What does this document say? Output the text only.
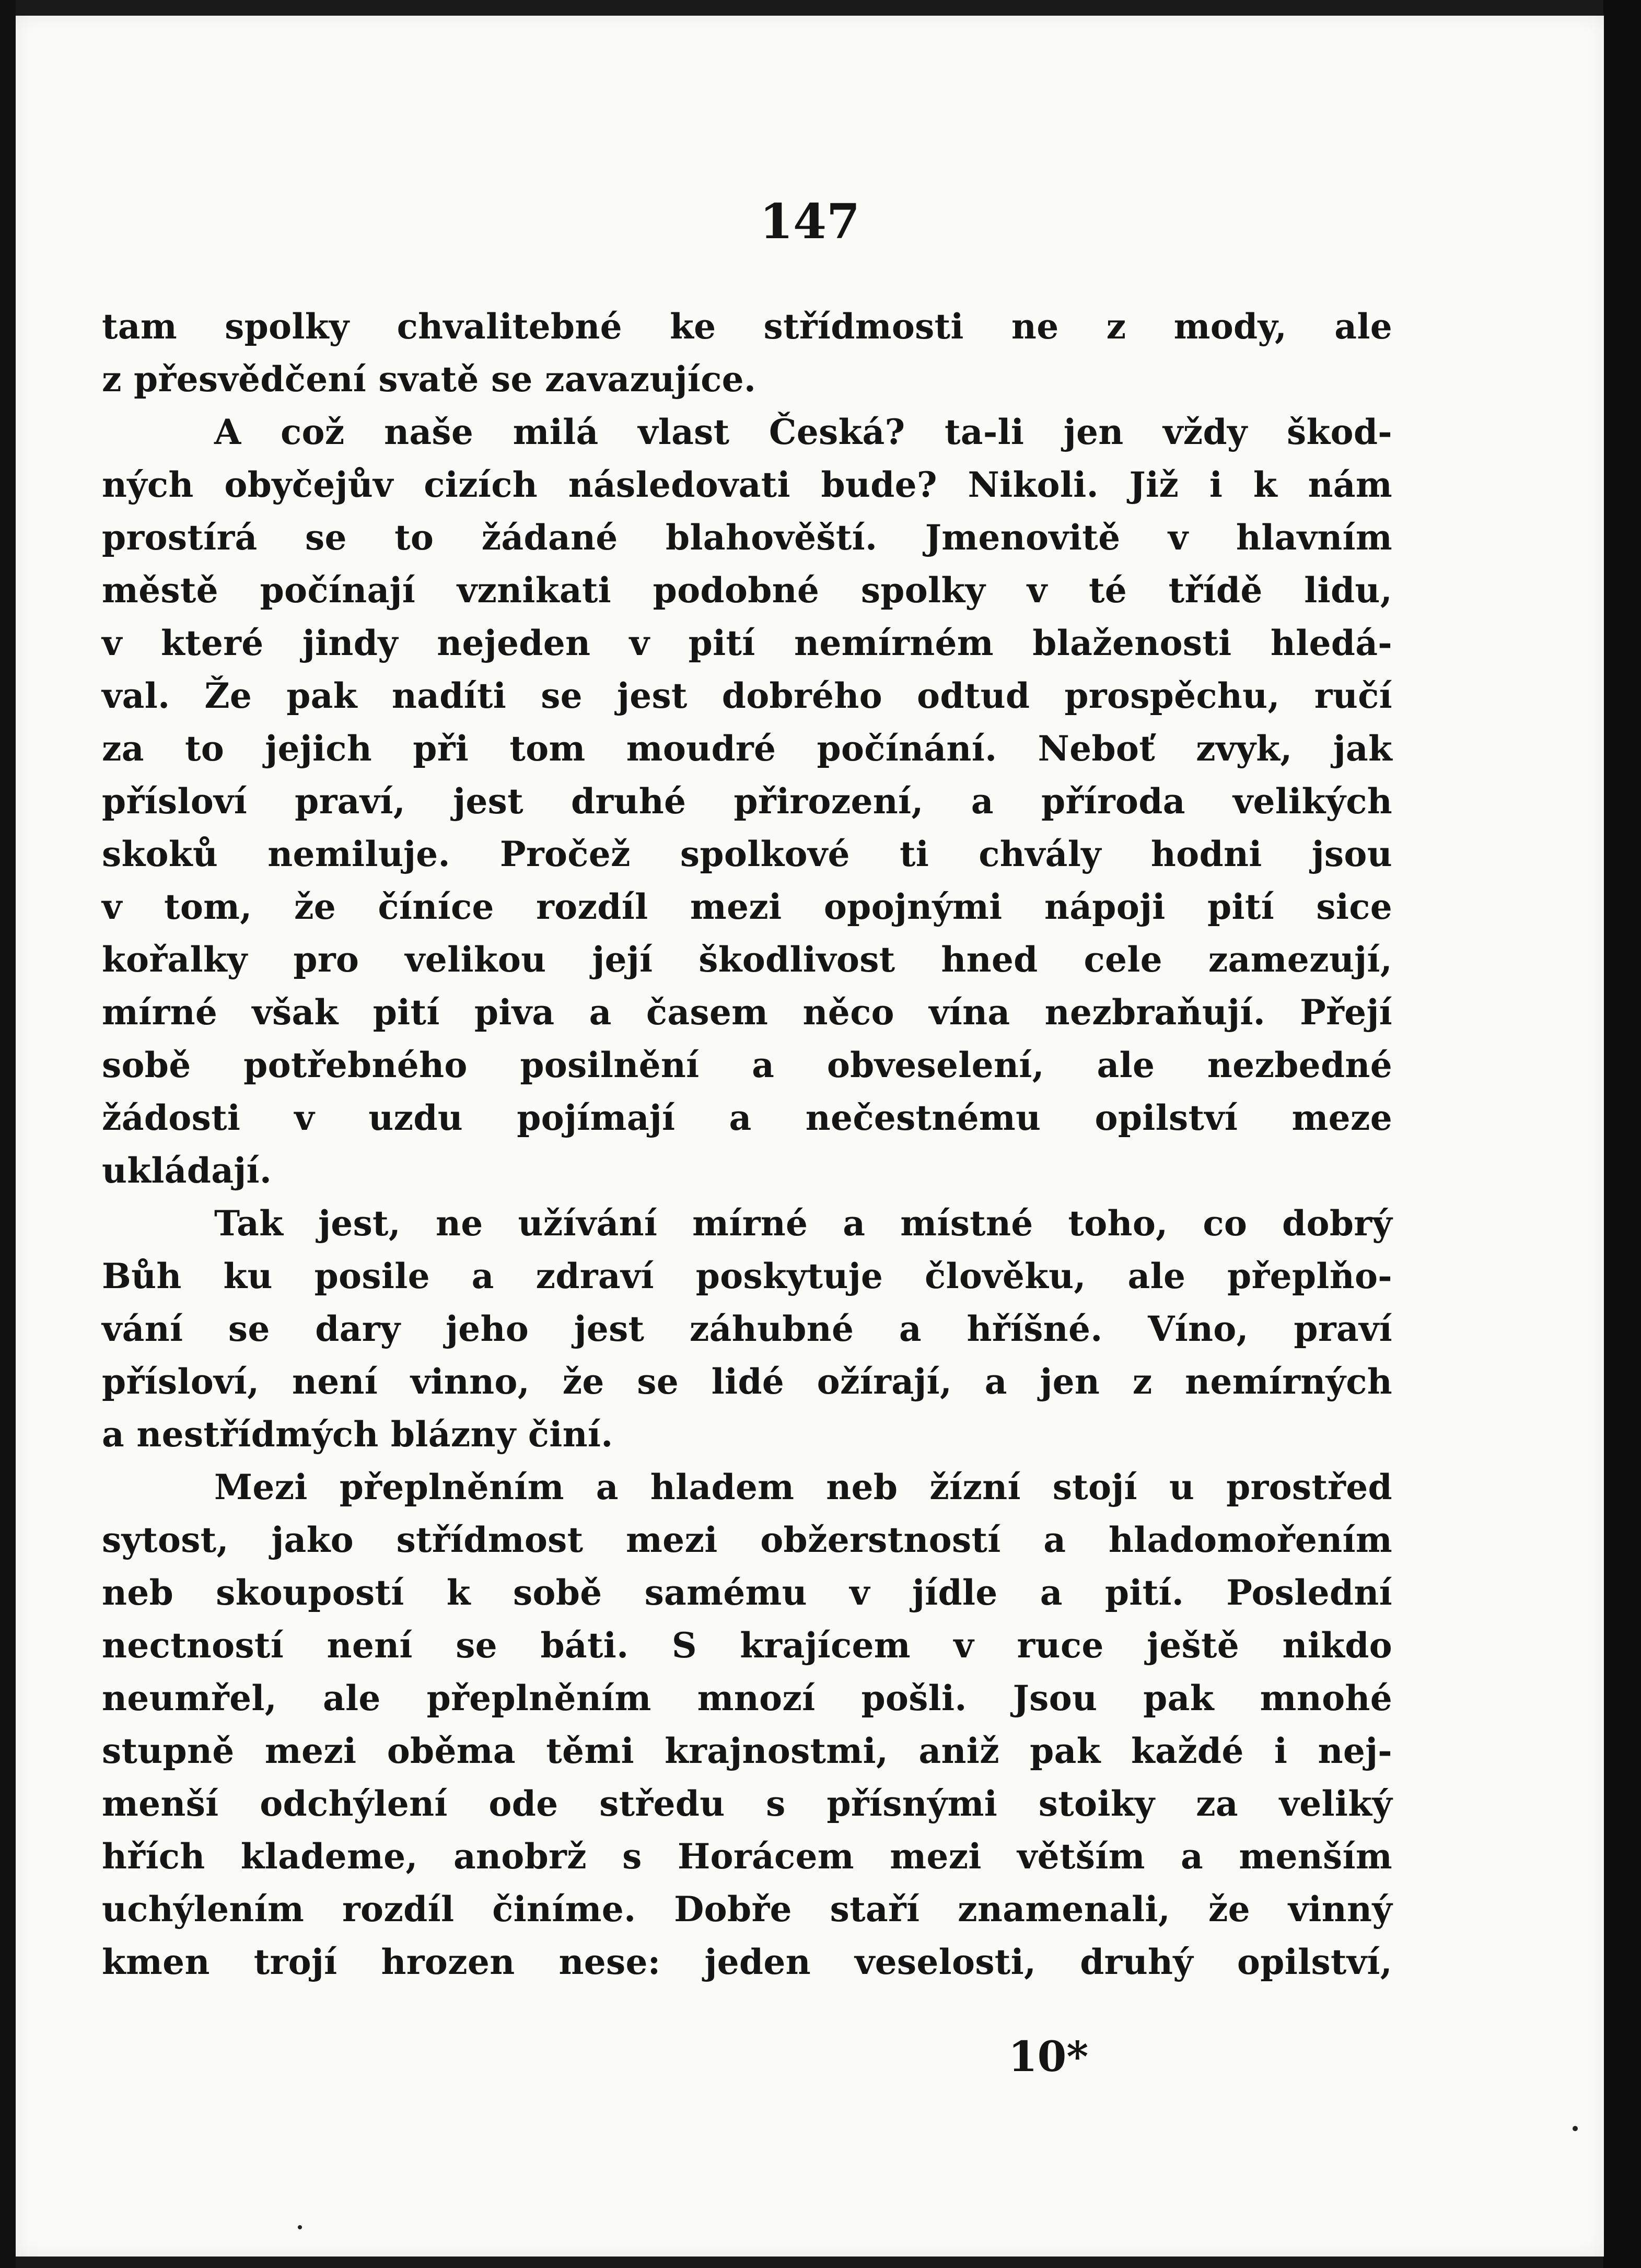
147
tam spolky chvalitebné ke střídmosti ne z mody, ale
z přesvědčení svatě se zavazujíce.
A což naše milá vlast Česká? ta-li jen vždy škod-
ných obyčejův cizích následovati bude? Nikoli. Již i k nám
prostírá se to žádané blahověští. Jmenovitě v hlavním
městě počínají vznikati podobné spolky v té třídě lidu,
v které jindy nejeden v pití nemírném blaženosti hledá-
val. Že pak nadíti se jest dobrého odtud prospěchu, ručí
za to jejich při tom moudré počínání. Neboť zvyk, jak
přísloví praví, jest druhé přirození, a příroda velikých
skoků nemiluje. Pročež spolkové ti chvály hodni jsou
v tom, že číníce rozdíl mezi opojnými nápoji pití sice
kořalky pro velikou její škodlivost hned cele zamezují,
mírné však pití piva a časem něco vína nezbraňují. Přejí
sobě potřebného posilnění a obveselení, ale nezbedné
žádosti v uzdu pojímají a nečestnému opilství meze
ukládají.
Tak jest, ne užívání mírné a místné toho, co dobrý
Bůh ku posile a zdraví poskytuje člověku, ale přeplňo-
vání se dary jeho jest záhubné a hříšné. Víno, praví
přísloví, není vinno, že se lidé ožírají, a jen z nemírných
a nestřídmých blázny činí.
Mezi přeplněním a hladem neb žízní stojí u prostřed
sytost, jako střídmost mezi obžerstností a hladomořením
neb skoupostí k sobě samému v jídle a pití. Poslední
nectností není se báti. S krajícem v ruce ještě nikdo
neumřel, ale přeplněním mnozí pošli. Jsou pak mnohé
stupně mezi oběma těmi krajnostmi, aniž pak každé i nej-
menší odchýlení ode středu s přísnými stoiky za veliký
hřích klademe, anobrž s Horácem mezi větším a menším
uchýlením rozdíl činíme. Dobře staří znamenali, že vinný
kmen trojí hrozen nese: jeden veselosti, druhý opilství,
10*
